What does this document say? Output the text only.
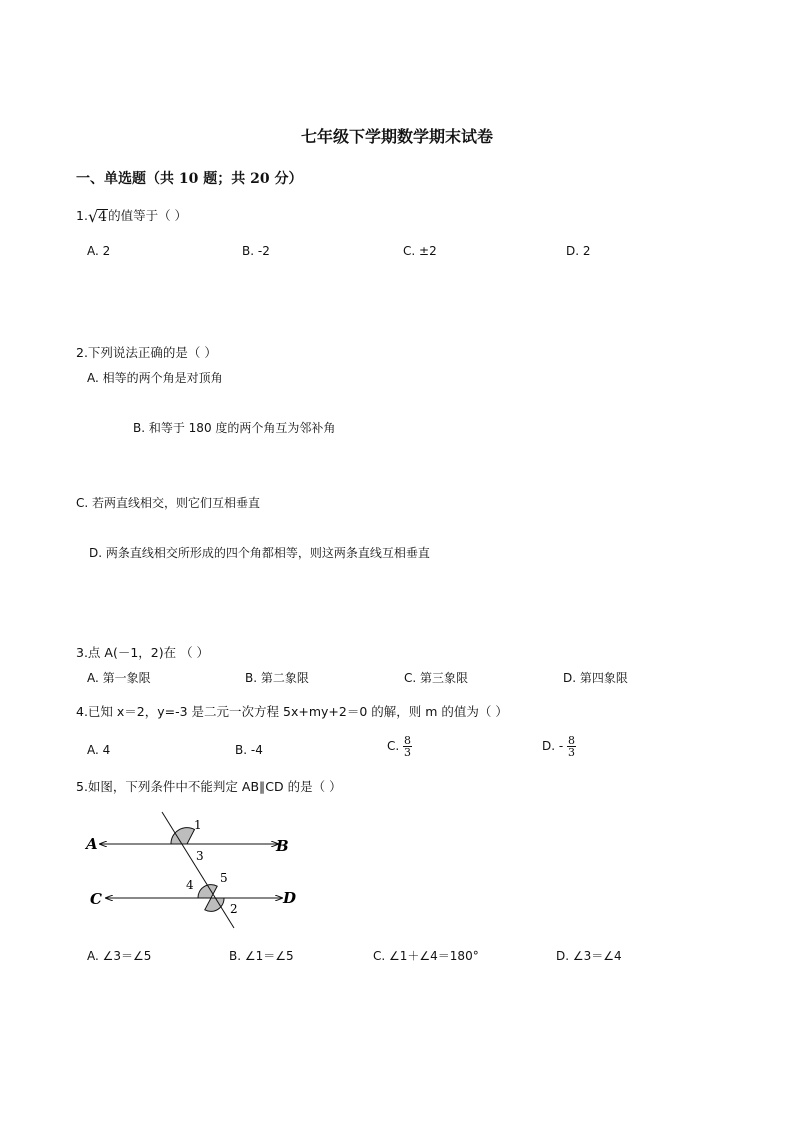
七年级下学期数学期末试卷
一、单选题（共 10 题；共 20 分）
1. √ 4 的值等于（ ）
A. 2	B. -2	C. ±2	D. 2
2.下列说法正确的是（ ）
A. 相等的两个角是对顶角
B. 和等于 180 度的两个角互为邻补角
C. 若两直线相交，则它们互相垂直
D. 两条直线相交所形成的四个角都相等，则这两条直线互相垂直
3.点 A(－1，2)在 （ ）
A. 第一象限	B. 第二象限	C. 第三象限	D. 第四象限
4.已知 x＝2，y=-3 是二元一次方程 5x+my+2＝0 的解，则 m 的值为（ ）
A. 4	B. -4	C. $\frac{8}{3}$	D. - $\frac{8}{3}$
5.如图，下列条件中不能判定 AB∥CD 的是（ ）
A	B
C	D
1
3
4 5
2
A. ∠3＝∠5	B. ∠1＝∠5	C. ∠1＋∠4＝180°	D. ∠3＝∠4
